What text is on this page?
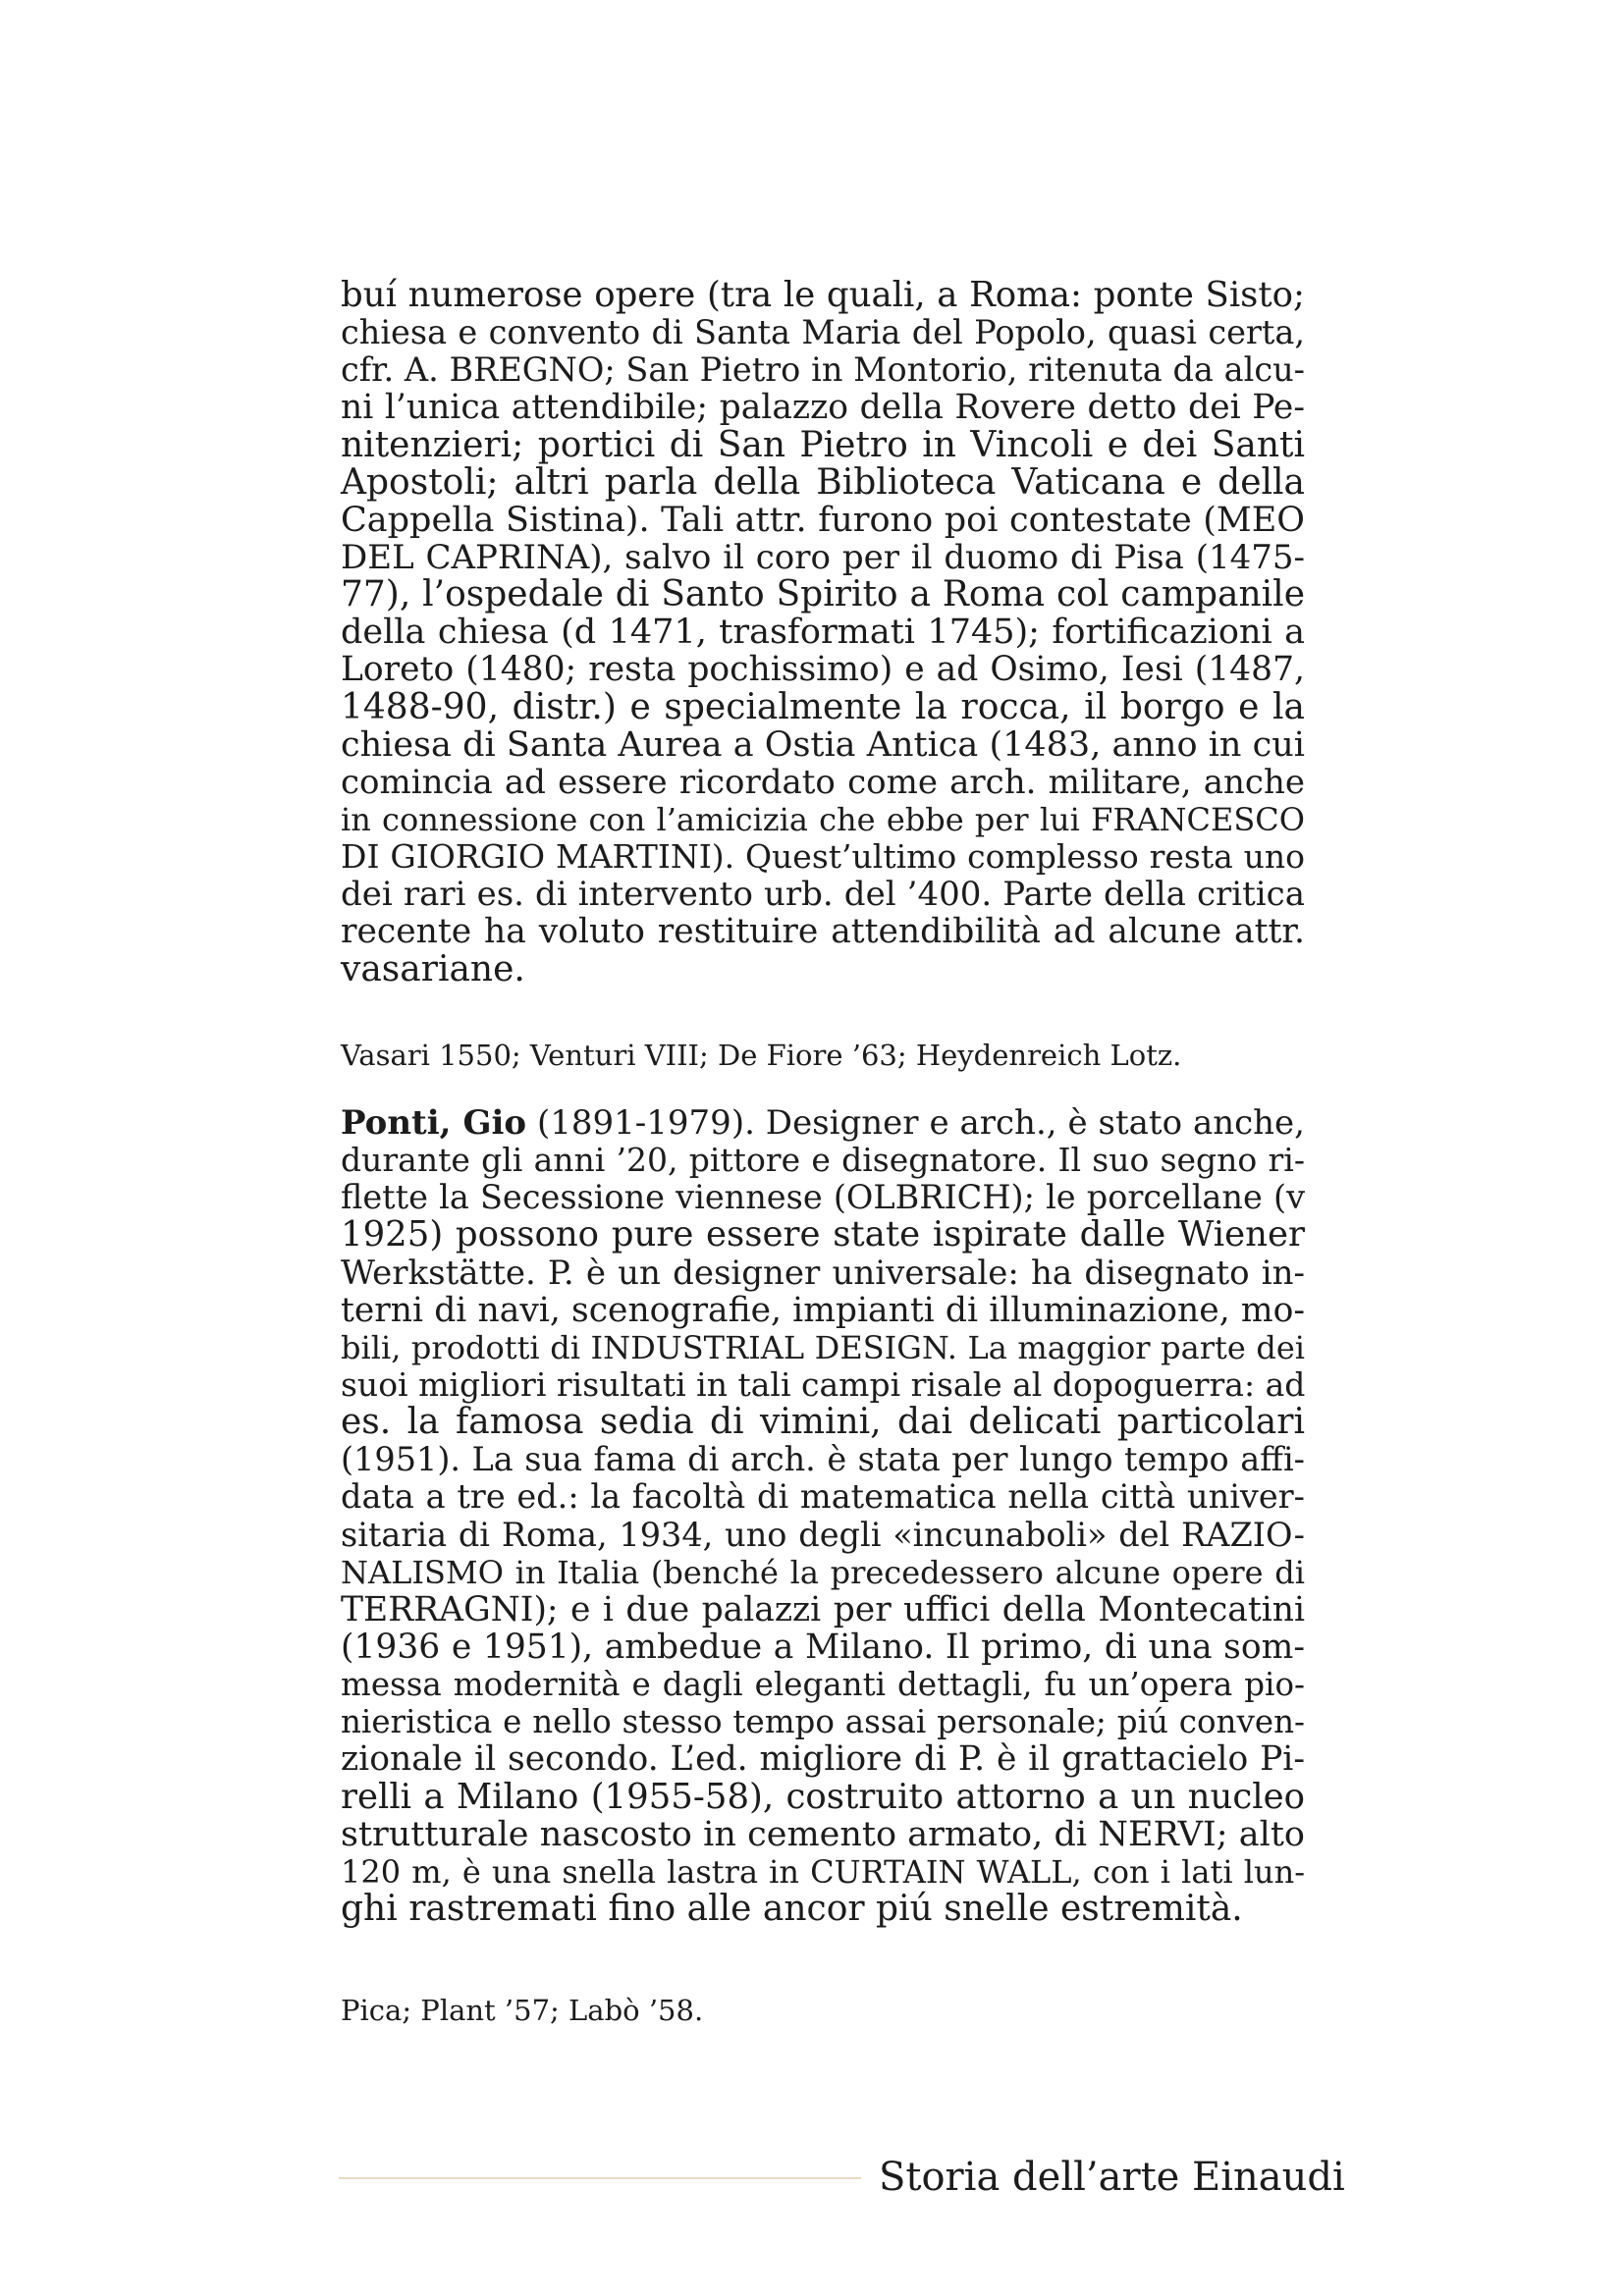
buí numerose opere (tra le quali, a Roma: ponte Sisto;
chiesa e convento di Santa Maria del Popolo, quasi certa,
cfr. A. BREGNO; San Pietro in Montorio, ritenuta da alcu-
ni l’unica attendibile; palazzo della Rovere detto dei Pe-
nitenzieri; portici di San Pietro in Vincoli e dei Santi
Apostoli; altri parla della Biblioteca Vaticana e della
Cappella Sistina). Tali attr. furono poi contestate (MEO
DEL CAPRINA), salvo il coro per il duomo di Pisa (1475-
77), l’ospedale di Santo Spirito a Roma col campanile
della chiesa (d 1471, trasformati 1745); fortificazioni a
Loreto (1480; resta pochissimo) e ad Osimo, Iesi (1487,
1488-90, distr.) e specialmente la rocca, il borgo e la
chiesa di Santa Aurea a Ostia Antica (1483, anno in cui
comincia ad essere ricordato come arch. militare, anche
in connessione con l’amicizia che ebbe per lui FRANCESCO
DI GIORGIO MARTINI). Quest’ultimo complesso resta uno
dei rari es. di intervento urb. del ’400. Parte della critica
recente ha voluto restituire attendibilità ad alcune attr.
vasariane.
Vasari 1550; Venturi VIII; De Fiore ’63; Heydenreich Lotz.
Ponti, Gio (1891-1979). Designer e arch., è stato anche,
durante gli anni ’20, pittore e disegnatore. Il suo segno ri-
flette la Secessione viennese (OLBRICH); le porcellane (v
1925) possono pure essere state ispirate dalle Wiener
Werkstätte. P. è un designer universale: ha disegnato in-
terni di navi, scenografie, impianti di illuminazione, mo-
bili, prodotti di INDUSTRIAL DESIGN. La maggior parte dei
suoi migliori risultati in tali campi risale al dopoguerra: ad
es. la famosa sedia di vimini, dai delicati particolari
(1951). La sua fama di arch. è stata per lungo tempo affi-
data a tre ed.: la facoltà di matematica nella città univer-
sitaria di Roma, 1934, uno degli «incunaboli» del RAZIO-
NALISMO in Italia (benché la precedessero alcune opere di
TERRAGNI); e i due palazzi per uffici della Montecatini
(1936 e 1951), ambedue a Milano. Il primo, di una som-
messa modernità e dagli eleganti dettagli, fu un’opera pio-
nieristica e nello stesso tempo assai personale; piú conven-
zionale il secondo. L’ed. migliore di P. è il grattacielo Pi-
relli a Milano (1955-58), costruito attorno a un nucleo
strutturale nascosto in cemento armato, di NERVI; alto
120 m, è una snella lastra in CURTAIN WALL, con i lati lun-
ghi rastremati fino alle ancor piú snelle estremità.
Pica; Plant ’57; Labò ’58.
Storia dell’arte Einaudi
